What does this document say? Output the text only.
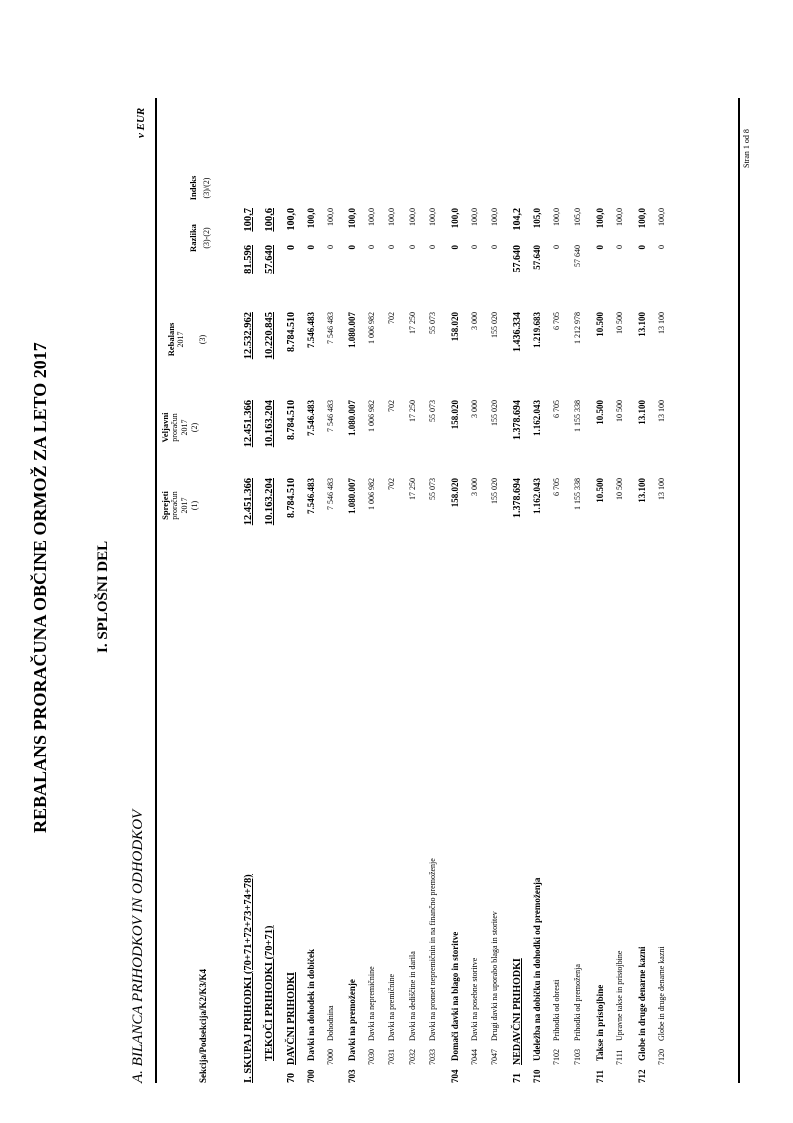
REBALANS PRORAČUNA OBČINE ORMOŽ ZA LETO 2017	I. SPLOŠNI DEL
A. BILANCA PRIHODKOV IN ODHODKOV
v EUR
Sekcija/Podsekcija/K2/K3/K4
Sprejeti proračun 2017 (1)
Veljavni proračun 2017 (2)
Rebalans 2017 (3)
Razlika (3)-(2)
Indeks (3)/(2)
I. SKUPAJ PRIHODKI (70+71+72+73+74+78)
12.451.366
12.451.366
12.532.962
81.596
100,7
TEKOČI PRIHODKI (70+71)
10.163.204
10.163.204
10.220.845
57.640
100,6
70
DAVČNI PRIHODKI
8.784.510
8.784.510
8.784.510
0
100,0
700
Davki na dohodek in dobiček
7.546.483
7.546.483
7.546.483
0
100,0
7000
Dohodnina
7 546 483
7 546 483
7 546 483
0
100,0
703
Davki na premoženje
1.080.007
1.080.007
1.080.007
0
100,0
7030
Davki na nepremičnine
1 006 982
1 006 982
1 006 982
0
100,0
7031
Davki na premičnine
702
702
702
0
100,0
7032
Davki na dediščine in darila
17 250
17 250
17 250
0
100,0
7033
Davki na promet nepremičnin in na finančno premoženje
55 073
55 073
55 073
0
100,0
704
Domači davki na blago in storitve
158.020
158.020
158.020
0
100,0
7044
Davki na posebne storitve
3 000
3 000
3 000
0
100,0
7047
Drugi davki na uporabo blaga in storitev
155 020
155 020
155 020
0
100,0
71
NEDAVČNI PRIHODKI
1.378.694
1.378.694
1.436.334
57.640
104,2
710
Udeležba na dobičku in dohodki od premoženja
1.162.043
1.162.043
1.219.683
57.640
105,0
7102
Prihodki od obresti
6 705
6 705
6 705
0
100,0
7103
Prihodki od premoženja
1 155 338
1 155 338
1 212 978
57 640
105,0
711
Takse in pristojbine
10.500
10.500
10.500
0
100,0
7111
Upravne takse in pristojbine
10 500
10 500
10 500
0
100,0
712
Globe in druge denarne kazni
13.100
13.100
13.100
0
100,0
7120
Globe in druge denarne kazni
13 100
13 100
13 100
0
100,0
Stran 1 od 8
